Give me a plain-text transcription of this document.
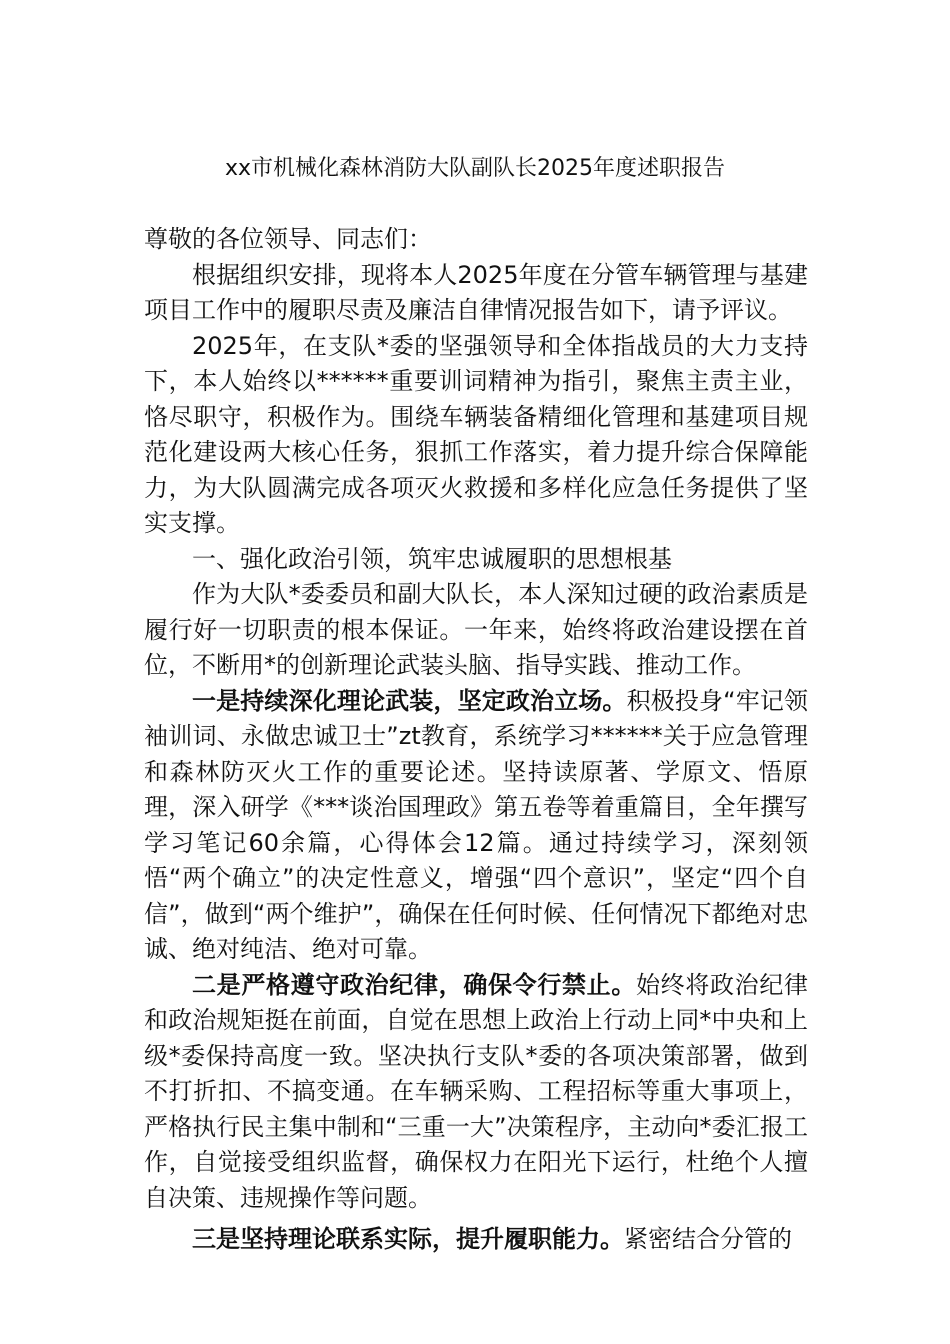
xx市机械化森林消防大队副队长2025年度述职报告

尊敬的各位领导、同志们：

根据组织安排，现将本人2025年度在分管车辆管理与基建项目工作中的履职尽责及廉洁自律情况报告如下，请予评议。

2025年，在支队*委的坚强领导和全体指战员的大力支持下，本人始终以******重要训词精神为指引，聚焦主责主业，恪尽职守，积极作为。围绕车辆装备精细化管理和基建项目规范化建设两大核心任务，狠抓工作落实，着力提升综合保障能力，为大队圆满完成各项灭火救援和多样化应急任务提供了坚实支撑。

一、强化政治引领，筑牢忠诚履职的思想根基

作为大队*委委员和副大队长，本人深知过硬的政治素质是履行好一切职责的根本保证。一年来，始终将政治建设摆在首位，不断用*的创新理论武装头脑、指导实践、推动工作。

一是持续深化理论武装，坚定政治立场。积极投身“牢记领袖训词、永做忠诚卫士”zt教育，系统学习******关于应急管理和森林防灭火工作的重要论述。坚持读原著、学原文、悟原理，深入研学《***谈治国理政》第五卷等着重篇目，全年撰写学习笔记60余篇，心得体会12篇。通过持续学习，深刻领悟“两个确立”的决定性意义，增强“四个意识”，坚定“四个自信”，做到“两个维护”，确保在任何时候、任何情况下都绝对忠诚、绝对纯洁、绝对可靠。

二是严格遵守政治纪律，确保令行禁止。始终将政治纪律和政治规矩挺在前面，自觉在思想上政治上行动上同*中央和上级*委保持高度一致。坚决执行支队*委的各项决策部署，做到不打折扣、不搞变通。在车辆采购、工程招标等重大事项上，严格执行民主集中制和“三重一大”决策程序，主动向*委汇报工作，自觉接受组织监督，确保权力在阳光下运行，杜绝个人擅自决策、违规操作等问题。

三是坚持理论联系实际，提升履职能力。紧密结合分管的
